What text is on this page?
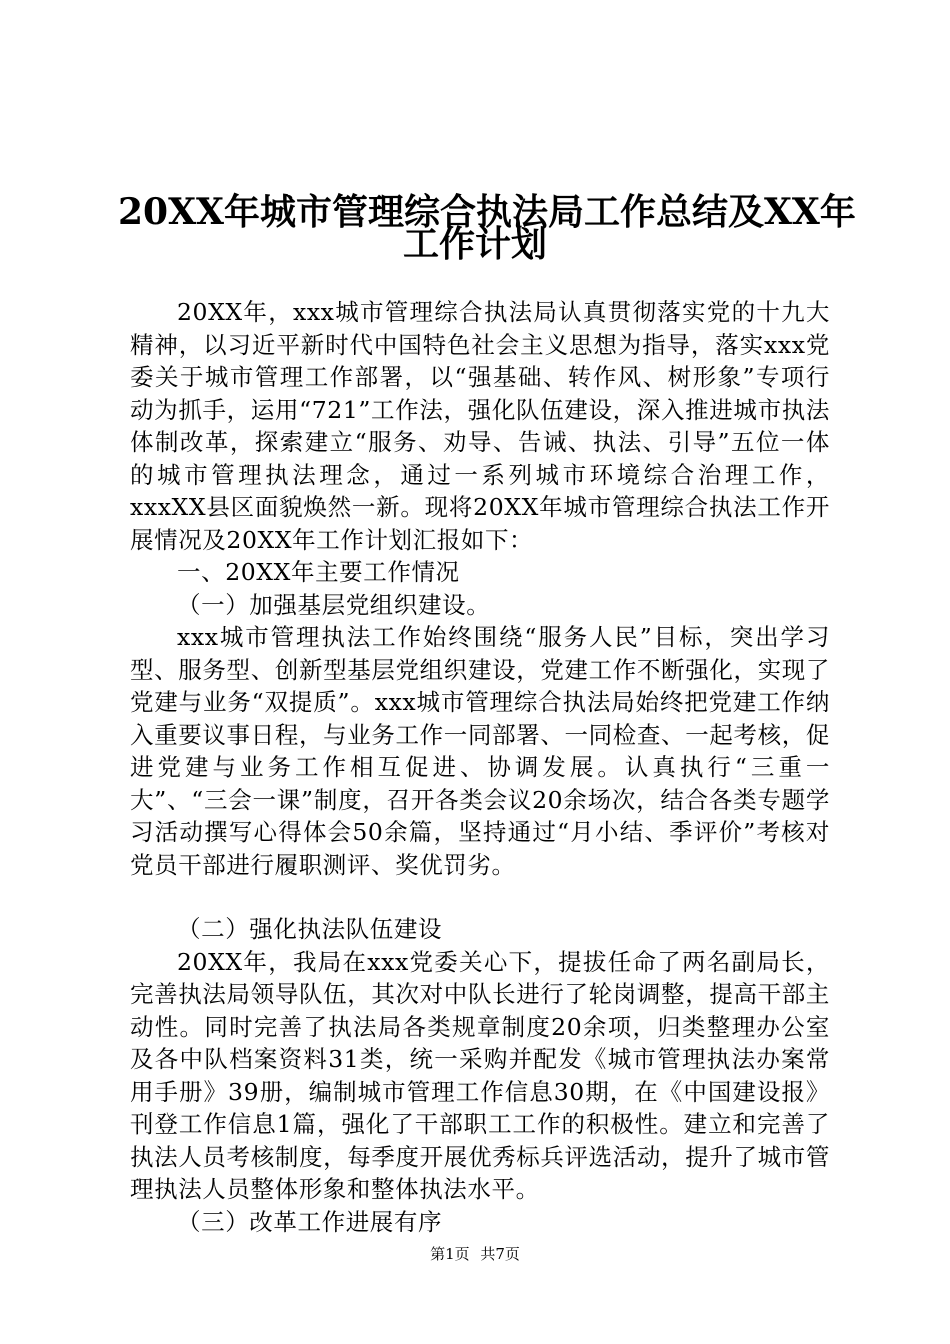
20XX年城市管理综合执法局工作总结及XX年
工作计划

20XX年，xxx城市管理综合执法局认真贯彻落实党的十九大精神，以习近平新时代中国特色社会主义思想为指导，落实xxx党委关于城市管理工作部署，以“强基础、转作风、树形象”专项行动为抓手，运用“721”工作法，强化队伍建设，深入推进城市执法体制改革，探索建立“服务、劝导、告诫、执法、引导”五位一体的城市管理执法理念，通过一系列城市环境综合治理工作，xxxXX县区面貌焕然一新。现将20XX年城市管理综合执法工作开展情况及20XX年工作计划汇报如下：

一、20XX年主要工作情况

（一）加强基层党组织建设。

xxx城市管理执法工作始终围绕“服务人民”目标，突出学习型、服务型、创新型基层党组织建设，党建工作不断强化，实现了党建与业务“双提质”。xxx城市管理综合执法局始终把党建工作纳入重要议事日程，与业务工作一同部署、一同检查、一起考核，促进党建与业务工作相互促进、协调发展。认真执行“三重一大”、“三会一课”制度，召开各类会议20余场次，结合各类专题学习活动撰写心得体会50余篇，坚持通过“月小结、季评价”考核对党员干部进行履职测评、奖优罚劣。

（二）强化执法队伍建设

20XX年，我局在xxx党委关心下，提拔任命了两名副局长，完善执法局领导队伍，其次对中队长进行了轮岗调整，提高干部主动性。同时完善了执法局各类规章制度20余项，归类整理办公室及各中队档案资料31类，统一采购并配发《城市管理执法办案常用手册》39册，编制城市管理工作信息30期，在《中国建设报》刊登工作信息1篇，强化了干部职工工作的积极性。建立和完善了执法人员考核制度，每季度开展优秀标兵评选活动，提升了城市管理执法人员整体形象和整体执法水平。

（三）改革工作进展有序

第1页 共7页
